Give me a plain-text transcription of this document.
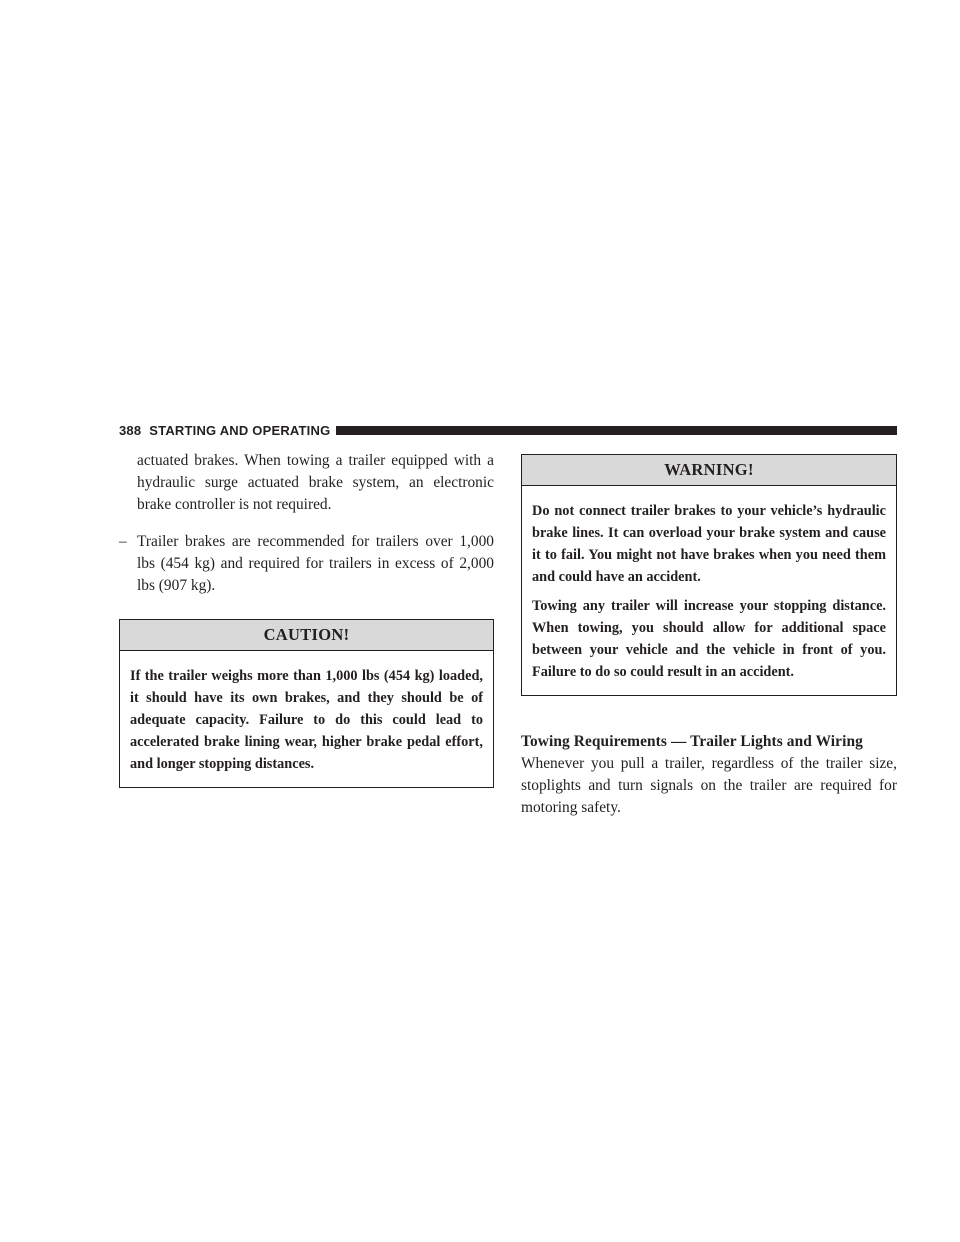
388 STARTING AND OPERATING

actuated brakes. When towing a trailer equipped with a hydraulic surge actuated brake system, an electronic brake controller is not required.

– Trailer brakes are recommended for trailers over 1,000 lbs (454 kg) and required for trailers in excess of 2,000 lbs (907 kg).
CAUTION!

If the trailer weighs more than 1,000 lbs (454 kg) loaded, it should have its own brakes, and they should be of adequate capacity. Failure to do this could lead to accelerated brake lining wear, higher brake pedal effort, and longer stopping distances.

WARNING!

Do not connect trailer brakes to your vehicle’s hydraulic brake lines. It can overload your brake system and cause it to fail. You might not have brakes when you need them and could have an accident.

Towing any trailer will increase your stopping distance. When towing, you should allow for additional space between your vehicle and the vehicle in front of you. Failure to do so could result in an accident.

Towing Requirements — Trailer Lights and Wiring

Whenever you pull a trailer, regardless of the trailer size, stoplights and turn signals on the trailer are required for motoring safety.
